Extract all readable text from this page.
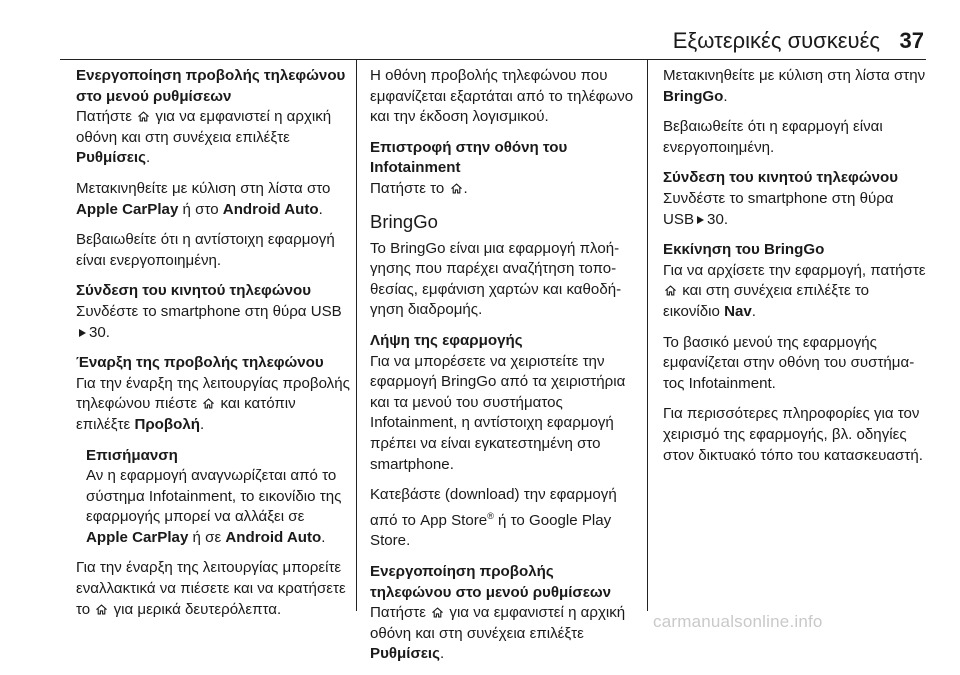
Εξωτερικές συσκευές 37
Ενεργοποίηση προβολής τηλεφώνου στο μενού ρυθμίσεων

Πατήστε για να εμφανιστεί η αρχική οθόνη και στη συνέχεια επιλέξτε Ρυθμίσεις.

Μετακινηθείτε με κύλιση στη λίστα στο Apple CarPlay ή στο Android Auto.

Βεβαιωθείτε ότι η αντίστοιχη εφαρμογή είναι ενεργοποιημένη.

Σύνδεση του κινητού τηλεφώνου

Συνδέστε το smartphone στη θύρα USB30.

Έναρξη της προβολής τηλεφώνου

Για την έναρξη της λειτουργίας προβολής τηλεφώνου πιέστε και κατόπιν επιλέξτε Προβολή.

Επισήμανση
Αν η εφαρμογή αναγνωρίζεται από το σύστημα Infotainment, το εικονίδιο της εφαρμογής μπορεί να αλλάξει σε Apple CarPlay ή σε Android Auto.

Για την έναρξη της λειτουργίας μπορείτε εναλλακτικά να πιέσετε και να κρατήσετε το για μερικά δευτερόλεπτα.

Η οθόνη προβολής τηλεφώνου που εμφανίζεται εξαρτάται από το τηλέφωνο και την έκδοση λογισμικού.

Επιστροφή στην οθόνη του Infotainment

Πατήστε το .

BringGo

Το BringGo είναι μια εφαρμογή πλοήγησης που παρέχει αναζήτηση τοποθεσίας, εμφάνιση χαρτών και καθοδήγηση διαδρομής.

Λήψη της εφαρμογής

Για να μπορέσετε να χειριστείτε την εφαρμογή BringGo από τα χειριστήρια και τα μενού του συστήματος Infotainment, η αντίστοιχη εφαρμογή πρέπει να είναι εγκατεστημένη στο smartphone.

Κατεβάστε (download) την εφαρμογή από το App Store® ή το Google Play Store.

Ενεργοποίηση προβολής τηλεφώνου στο μενού ρυθμίσεων

Πατήστε για να εμφανιστεί η αρχική οθόνη και στη συνέχεια επιλέξτε Ρυθμίσεις.

Μετακινηθείτε με κύλιση στη λίστα στην BringGo.

Βεβαιωθείτε ότι η εφαρμογή είναι ενεργοποιημένη.

Σύνδεση του κινητού τηλεφώνου

Συνδέστε το smartphone στη θύρα USB 30.

Εκκίνηση του BringGo

Για να αρχίσετε την εφαρμογή, πατήστε  και στη συνέχεια επιλέξτε το εικονίδιο Nav.

Το βασικό μενού της εφαρμογής εμφανίζεται στην οθόνη του συστήματος Infotainment.

Για περισσότερες πληροφορίες για τον χειρισμό της εφαρμογής, βλ. οδηγίες στον δικτυακό τόπο του κατασκευαστή.

carmanualsonline.info
